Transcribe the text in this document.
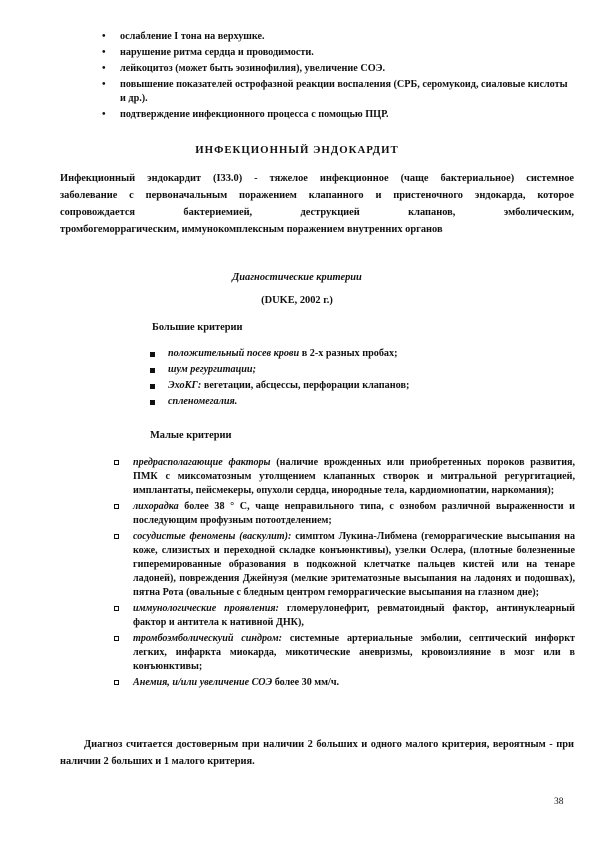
• ослабление I тона на верхушке.
• нарушение ритма сердца и проводимости.
• лейкоцитоз (может быть эозинофилия), увеличение СОЭ.
• повышение показателей острофазной реакции воспаления (СРБ, серомукоид, сиаловые кислоты и др.).
• подтверждение инфекционного процесса с помощью ПЦР.
ИНФЕКЦИОННЫЙ ЭНДОКАРДИТ
Инфекционный эндокардит (I33.0) - тяжелое инфекционное (чаще бактериальное) системное
заболевание с первоначальным поражением клапанного и пристеночного эндокарда, которое
сопровождается бактериемией, деструкцией клапанов, эмболическим,
тромбогеморрагическим, иммунокомплексным поражением внутренних органов
Диагностические критерии
(DUKE, 2002 г.)
Большие критерии
положительный посев крови в 2-х разных пробах;
шум регургитации;
ЭхоКГ: вегетации, абсцессы, перфорации клапанов;
спленомегалия.
Малые критерии
предрасполагающие факторы (наличие врожденных или приобретенных пороков развития, ПМК с миксоматозным утолщением клапанных створок и митральной регургитацией, имплантаты, пейсмекеры, опухоли сердца, инородные тела, кардиомиопатии, наркомания);
лихорадка более 38 ° С, чаще неправильного типа, с ознобом различной выраженности и последующим профузным потоотделением;
сосудистые феномены (васкулит): симптом Лукина-Либмена (геморрагические высыпания на коже, слизистых и переходной складке конъюнктивы), узелки Ослера, (плотные болезненные гиперемированные образования в подкожной клетчатке пальцев кистей или на тенаре ладоней), повреждения Джейнуэя (мелкие эритематозные высыпания на ладонях и подошвах), пятна Рота (овальные с бледным центром геморрагические высыпания на глазном дне);
иммунологические проявления: гломерулонефрит, ревматоидный фактор, антинуклеарный фактор и антитела к нативной ДНК),
тромбоэмболическуий синдром: системные артериальные эмболии, септический инфоркт легких, инфаркта миокарда, микотические аневризмы, кровоизлияние в мозг или в конъюнктивы;
Анемия, и/или увеличение СОЭ более 30 мм/ч.
Диагноз считается достоверным при наличии 2 больших и одного малого критерия, вероятным - при наличии 2 больших и 1 малого критерия.
38
